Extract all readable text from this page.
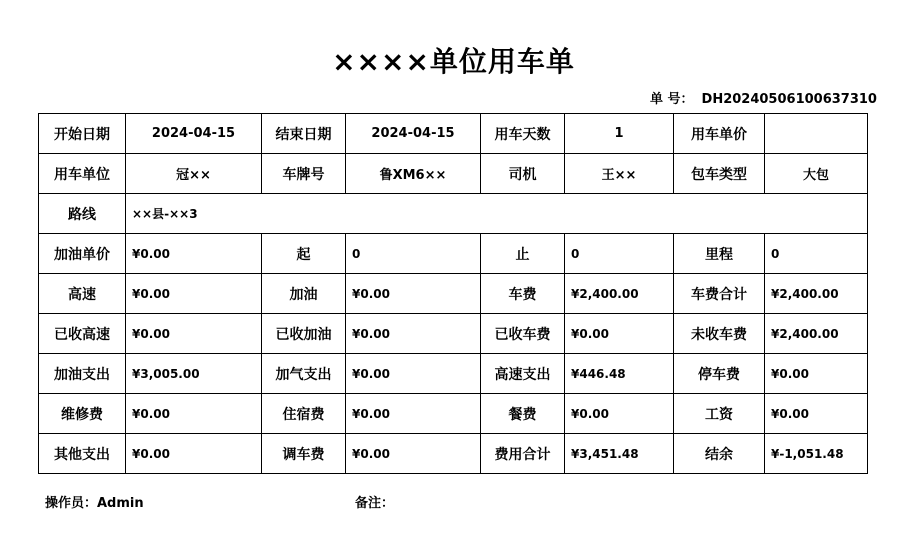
××××单位用车单
单 号： DH20240506100637310
开始日期	2024-04-15	结束日期	2024-04-15	用车天数	1	用车单价	
用车单位	冠××	车牌号	鲁XM6××	司机	王××	包车类型	大包
路线	××县-××3						
加油单价	¥0.00	起	0	止	0	里程	0
高速	¥0.00	加油	¥0.00	车费	¥2,400.00	车费合计	¥2,400.00
已收高速	¥0.00	已收加油	¥0.00	已收车费	¥0.00	未收车费	¥2,400.00
加油支出	¥3,005.00	加气支出	¥0.00	高速支出	¥446.48	停车费	¥0.00
维修费	¥0.00	住宿费	¥0.00	餐费	¥0.00	工资	¥0.00
其他支出	¥0.00	调车费	¥0.00	费用合计	¥3,451.48	结余	¥-1,051.48
操作员：Admin	备注：
